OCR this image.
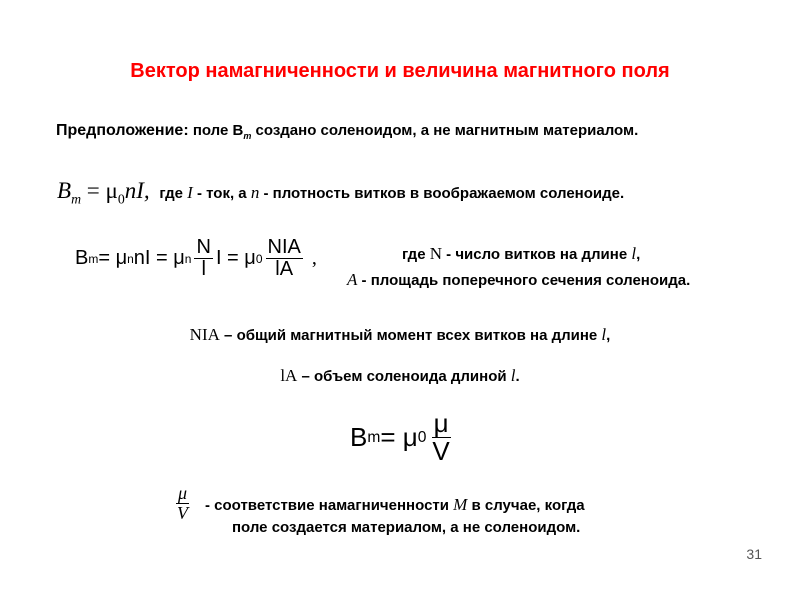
Вектор намагниченности и величина магнитного поля
Предположение: поле $B_m$ создано соленоидом, а не магнитным материалом.
$B_m = \mu_0nI$, где I - ток, а n - плотность витков в воображаемом соленоиде.
B m = μ n nI = μ n $\frac{N}{l}$ I = μ $0 \frac{\text{NIA}}{lA}$ ,	где N - число витков на длине l,
A - площадь поперечного сечения соленоида.
NIA – общий магнитный момент всех витков на длине l,
lA – объем соленоида длиной l.
B m = μ $0 \frac{\mu}{V}$
$\frac{\mu}{V}$ - соответствие намагниченности M в случае, когда
поле создается материалом, а не соленоидом.
31
